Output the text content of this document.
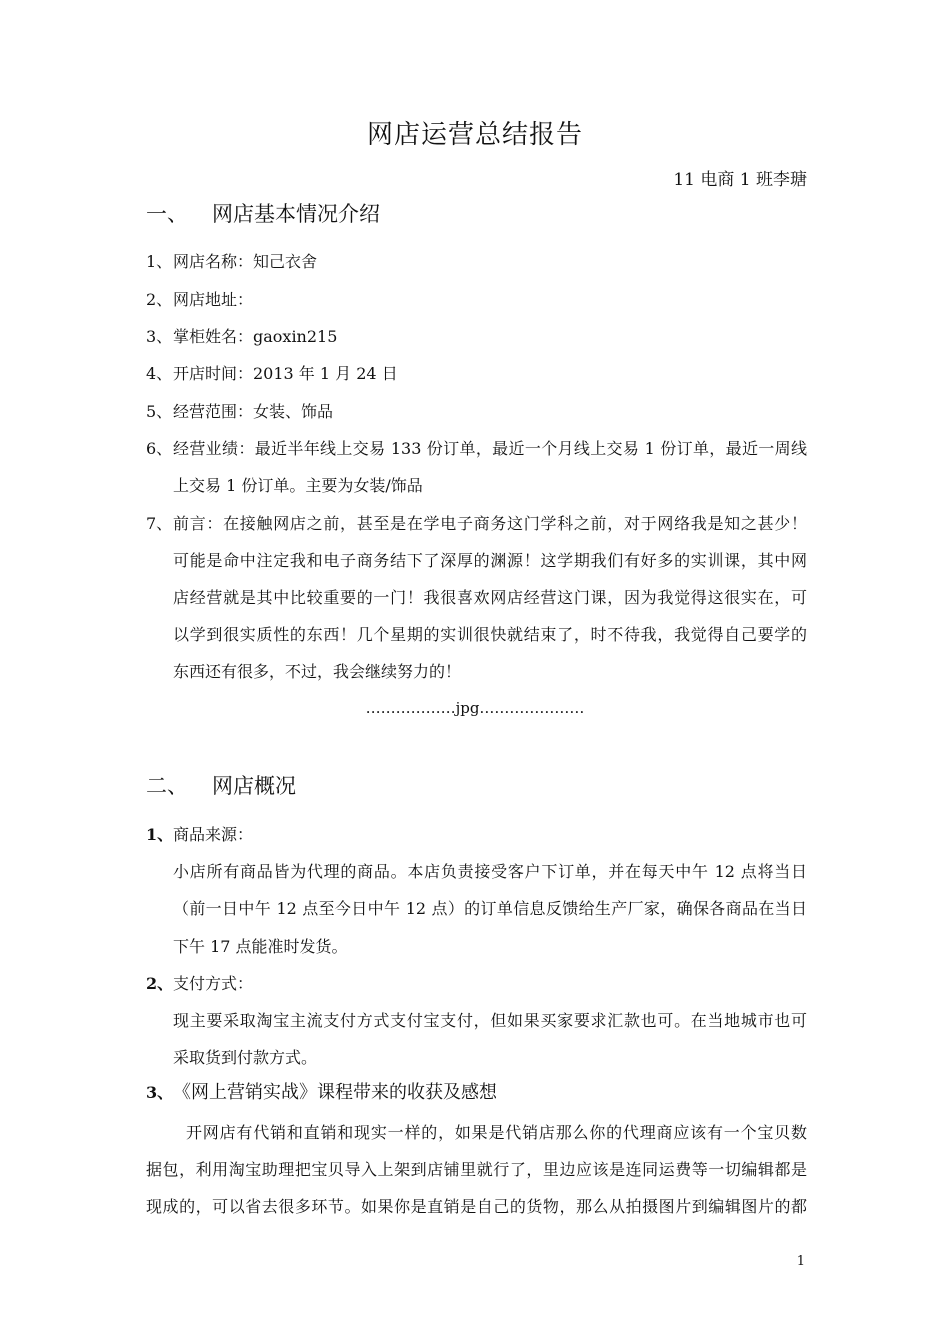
网店运营总结报告
11 电商 1 班李瑭
一、 网店基本情况介绍
1、网店名称：知己衣舍
2、网店地址：
3、掌柜姓名：gaoxin215
4、开店时间：2013 年 1 月 24 日
5、经营范围：女装、饰品
6、 经营业绩：最近半年线上交易 133 份订单，最近一个月线上交易 1 份订单，最近一周线
上交易 1 份订单。主要为女装/饰品
7、 前言：在接触网店之前，甚至是在学电子商务这门学科之前，对于网络我是知之甚少！
可能是命中注定我和电子商务结下了深厚的渊源！这学期我们有好多的实训课，其中网
店经营就是其中比较重要的一门！我很喜欢网店经营这门课，因为我觉得这很实在，可
以学到很实质性的东西！几个星期的实训很快就结束了，时不待我，我觉得自己要学的
东西还有很多，不过，我会继续努力的！
………………jpg…………………
二、 网店概况
1、商品来源：
小店所有商品皆为代理的商品。本店负责接受客户下订单，并在每天中午 12 点将当日
（前一日中午 12 点至今日中午 12 点）的订单信息反馈给生产厂家，确保各商品在当日
下午 17 点能准时发货。
2、支付方式：
现主要采取淘宝主流支付方式支付宝支付，但如果买家要求汇款也可。在当地城市也可
采取货到付款方式。
3、《网上营销实战》课程带来的收获及感想
开网店有代销和直销和现实一样的，如果是代销店那么你的代理商应该有一个宝贝数
据包，利用淘宝助理把宝贝导入上架到店铺里就行了，里边应该是连同运费等一切编辑都是
现成的，可以省去很多环节。如果你是直销是自己的货物，那么从拍摄图片到编辑图片的都
1
